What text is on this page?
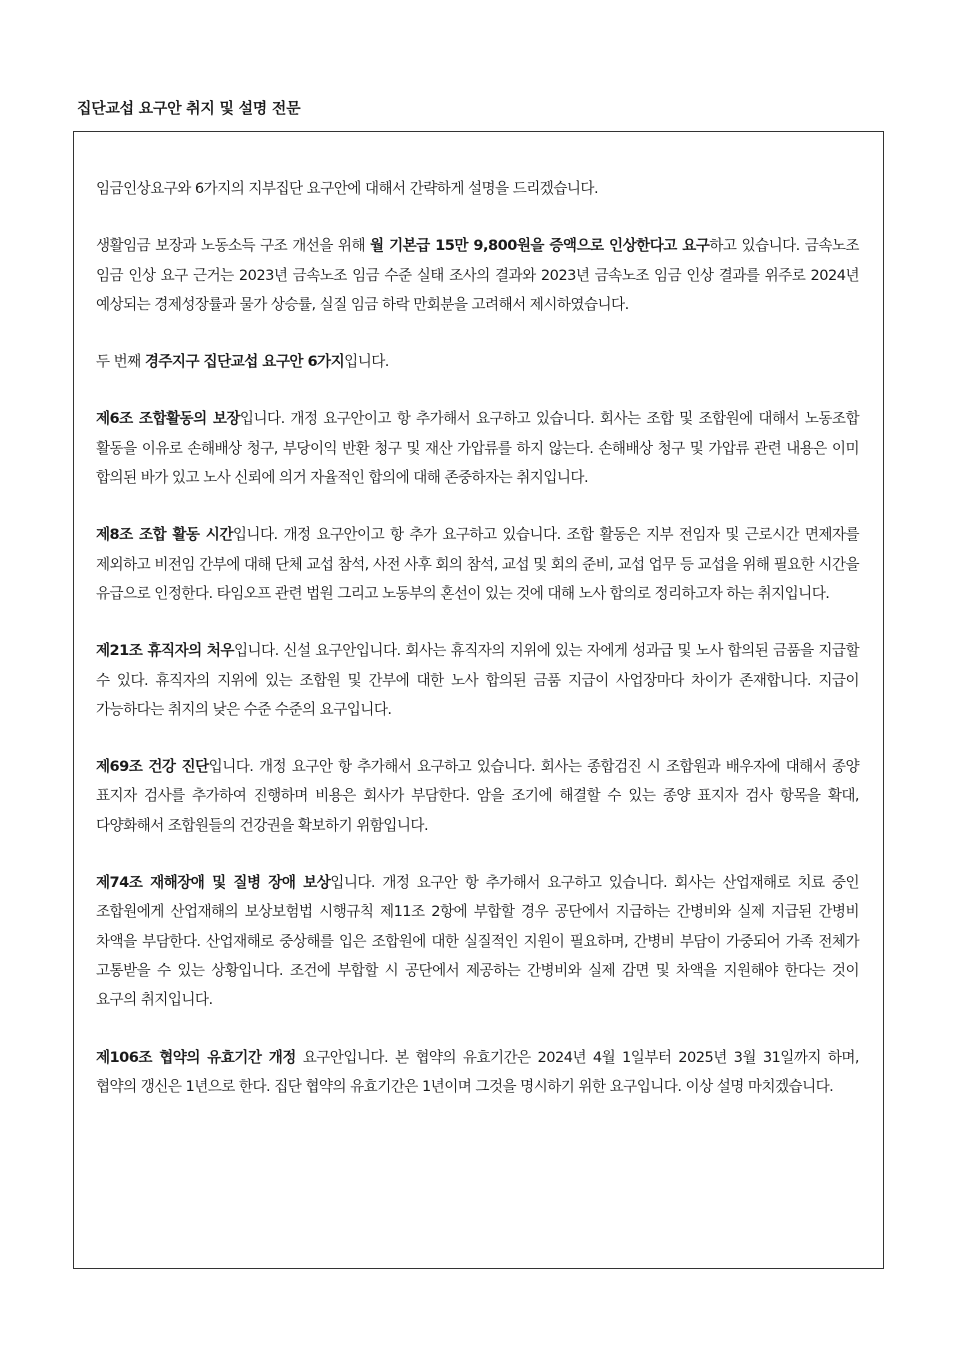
집단교섭 요구안 취지 및 설명 전문

임금인상요구와 6가지의 지부집단 요구안에 대해서 간략하게 설명을 드리겠습니다.

생활임금 보장과 노동소득 구조 개선을 위해 월 기본급 15만 9,800원을 증액으로 인상한다고 요구하고 있습니다. 금속노조 임금 인상 요구 근거는 2023년 금속노조 임금 수준 실태 조사의 결과와 2023년 금속노조 임금 인상 결과를 위주로 2024년 예상되는 경제성장률과 물가 상승률, 실질 임금 하락 만회분을 고려해서 제시하였습니다.

두 번째 경주지구 집단교섭 요구안 6가지입니다.

제6조 조합활동의 보장입니다. 개정 요구안이고 항 추가해서 요구하고 있습니다. 회사는 조합 및 조합원에 대해서 노동조합 활동을 이유로 손해배상 청구, 부당이익 반환 청구 및 재산 가압류를 하지 않는다. 손해배상 청구 및 가압류 관련 내용은 이미 합의된 바가 있고 노사 신뢰에 의거 자율적인 합의에 대해 존중하자는 취지입니다.

제8조 조합 활동 시간입니다. 개정 요구안이고 항 추가 요구하고 있습니다. 조합 활동은 지부 전임자 및 근로시간 면제자를 제외하고 비전임 간부에 대해 단체 교섭 참석, 사전 사후 회의 참석, 교섭 및 회의 준비, 교섭 업무 등 교섭을 위해 필요한 시간을 유급으로 인정한다. 타임오프 관련 법원 그리고 노동부의 혼선이 있는 것에 대해 노사 합의로 정리하고자 하는 취지입니다.

제21조 휴직자의 처우입니다. 신설 요구안입니다. 회사는 휴직자의 지위에 있는 자에게 성과급 및 노사 합의된 금품을 지급할 수 있다. 휴직자의 지위에 있는 조합원 및 간부에 대한 노사 합의된 금품 지급이 사업장마다 차이가 존재합니다. 지급이 가능하다는 취지의 낮은 수준 수준의 요구입니다.

제69조 건강 진단입니다. 개정 요구안 항 추가해서 요구하고 있습니다. 회사는 종합검진 시 조합원과 배우자에 대해서 종양 표지자 검사를 추가하여 진행하며 비용은 회사가 부담한다. 암을 조기에 해결할 수 있는 종양 표지자 검사 항목을 확대, 다양화해서 조합원들의 건강권을 확보하기 위함입니다.

제74조 재해장애 및 질병 장애 보상입니다. 개정 요구안 항 추가해서 요구하고 있습니다. 회사는 산업재해로 치료 중인 조합원에게 산업재해의 보상보험법 시행규칙 제11조 2항에 부합할 경우 공단에서 지급하는 간병비와 실제 지급된 간병비 차액을 부담한다. 산업재해로 중상해를 입은 조합원에 대한 실질적인 지원이 필요하며, 간병비 부담이 가중되어 가족 전체가 고통받을 수 있는 상황입니다. 조건에 부합할 시 공단에서 제공하는 간병비와 실제 감면 및 차액을 지원해야 한다는 것이 요구의 취지입니다.

제106조 협약의 유효기간 개정 요구안입니다. 본 협약의 유효기간은 2024년 4월 1일부터 2025년 3월 31일까지 하며, 협약의 갱신은 1년으로 한다. 집단 협약의 유효기간은 1년이며 그것을 명시하기 위한 요구입니다. 이상 설명 마치겠습니다.
